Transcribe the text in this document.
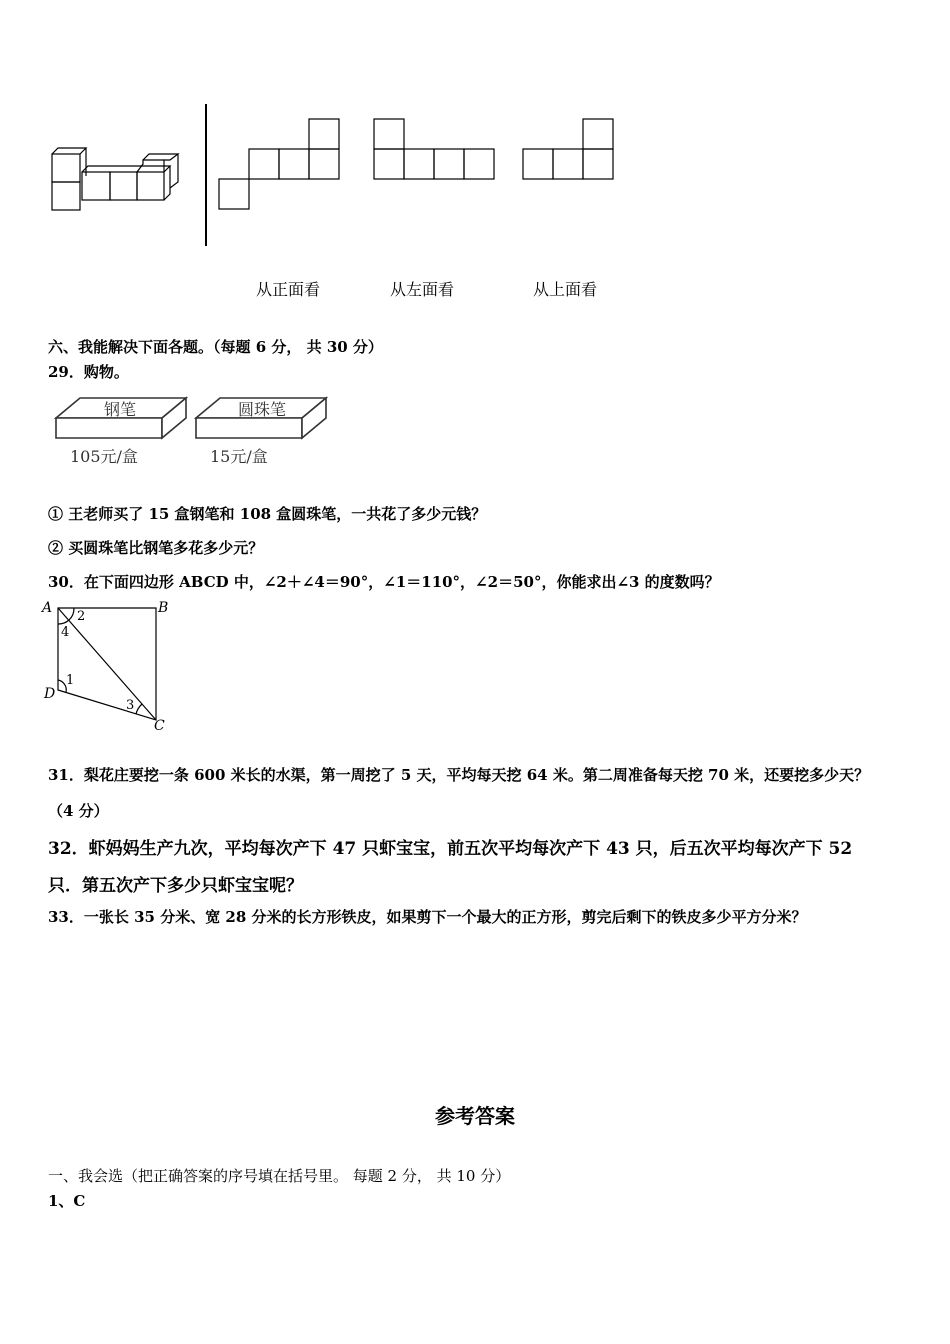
从正面看	从左面看	从上面看
六、我能解决下面各题。（每题 6 分， 共 30 分）
29．购物。
钢笔	圆珠笔
105元/盒	15元/盒
① 王老师买了 15 盒钢笔和 108 盒圆珠笔，一共花了多少元钱？
② 买圆珠笔比钢笔多花多少元？
30．在下面四边形 ABCD 中，∠2＋∠4＝90°，∠1＝110°，∠2＝50°，你能求出∠3 的度数吗？
A	B
C
D
1
2
3
4
31．梨花庄要挖一条 600 米长的水渠，第一周挖了 5 天，平均每天挖 64 米。第二周准备每天挖 70 米，还要挖多少天？
（4 分）
32．虾妈妈生产九次，平均每次产下 47 只虾宝宝，前五次平均每次产下 43 只，后五次平均每次产下 52
只．第五次产下多少只虾宝宝呢？
33．一张长 35 分米、宽 28 分米的长方形铁皮，如果剪下一个最大的正方形，剪完后剩下的铁皮多少平方分米？
参考答案
一、我会选（把正确答案的序号填在括号里。 每题 2 分， 共 10 分）
1、C
